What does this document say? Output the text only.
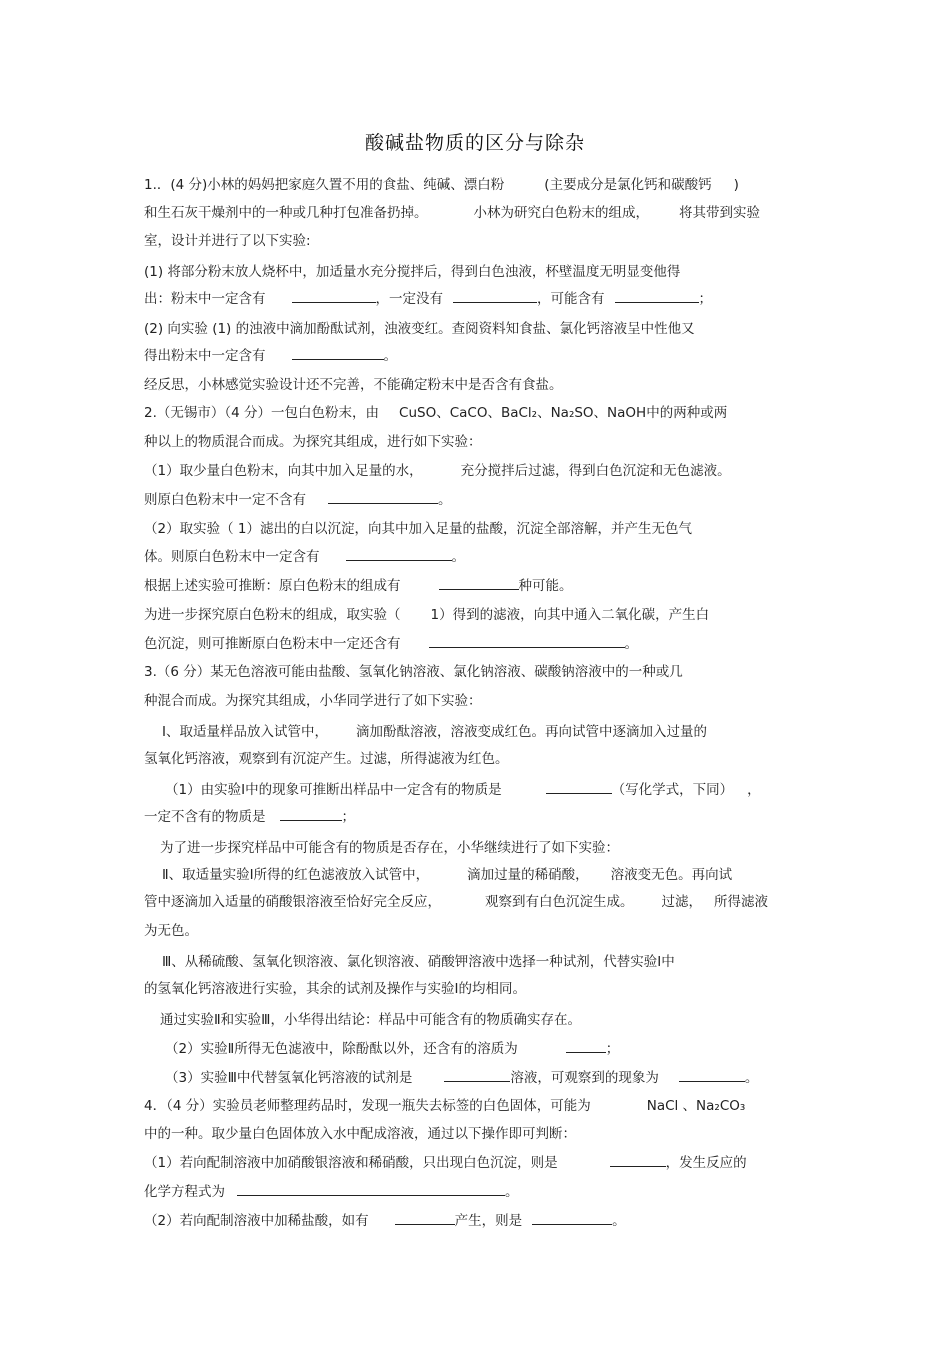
酸碱盐物质的区分与除杂
1.．(4 分)小林的妈妈把家庭久置不用的食盐、纯碱、漂白粉	(主要成分是氯化钙和碳酸钙 )
和生石灰干燥剂中的一种或几种打包准备扔掉。	小林为研究白色粉末的组成， 将其带到实验
室，设计并进行了以下实验:
(1) 将部分粉末放人烧杯中，加适量水充分搅拌后，得到白色浊液，杯壁温度无明显变他得
出：粉末中一定含有	，一定没有	，可能含有	；
(2) 向实验 (1) 的浊液中滴加酚酞试剂，浊液变红。查阅资料知食盐、氯化钙溶液呈中性他又
得出粉末中一定含有	。
经反思，小林感觉实验设计还不完善，不能确定粉末中是否含有食盐。
2.（无锡市）（4 分）一包白色粉末，由 CuSO、CaCO、BaCl₂、Na₂SO、NaOH中的两种或两
种以上的物质混合而成。为探究其组成，进行如下实验：
（1）取少量白色粉末，向其中加入足量的水，	充分搅拌后过滤，得到白色沉淀和无色滤液。
则原白色粉末中一定不含有	。
（2）取实验（ 1）滤出的白以沉淀，向其中加入足量的盐酸，沉淀全部溶解，并产生无色气
体。则原白色粉末中一定含有	。
根据上述实验可推断：原白色粉末的组成有	种可能。
为进一步探究原白色粉末的组成，取实验（ 1）得到的滤液，向其中通入二氧化碳，产生白
色沉淀，则可推断原白色粉末中一定还含有	。
3.（6 分）某无色溶液可能由盐酸、氢氧化钠溶液、氯化钠溶液、碳酸钠溶液中的一种或几
种混合而成。为探究其组成，小华同学进行了如下实验：
Ⅰ、取适量样品放入试管中， 滴加酚酞溶液，溶液变成红色。再向试管中逐滴加入过量的
氢氧化钙溶液，观察到有沉淀产生。过滤，所得滤液为红色。
（1）由实验Ⅰ中的现象可推断出样品中一定含有的物质是	（写化学式，下同） ，
一定不含有的物质是	；
为了进一步探究样品中可能含有的物质是否存在，小华继续进行了如下实验：
Ⅱ、取适量实验Ⅰ所得的红色滤液放入试管中，	滴加过量的稀硝酸， 溶液变无色。再向试
管中逐滴加入适量的硝酸银溶液至恰好完全反应，	观察到有白色沉淀生成。 过滤， 所得滤液
为无色。
Ⅲ、从稀硫酸、氢氧化钡溶液、氯化钡溶液、硝酸钾溶液中选择一种试剂，代替实验Ⅰ中
的氢氧化钙溶液进行实验，其余的试剂及操作与实验Ⅰ的均相同。
通过实验Ⅱ和实验Ⅲ，小华得出结论：样品中可能含有的物质确实存在。
（2）实验Ⅱ所得无色滤液中，除酚酞以外，还含有的溶质为	；
（3）实验Ⅲ中代替氢氧化钙溶液的试剂是	溶液，可观察到的现象为	。
4．（4 分）实验员老师整理药品时，发现一瓶失去标签的白色固体，可能为	NaCl 、Na₂CO₃
中的一种。取少量白色固体放入水中配成溶液，通过以下操作即可判断：
（1）若向配制溶液中加硝酸银溶液和稀硝酸，只出现白色沉淀，则是	，发生反应的
化学方程式为	。
（2）若向配制溶液中加稀盐酸，如有	产生，则是	。
